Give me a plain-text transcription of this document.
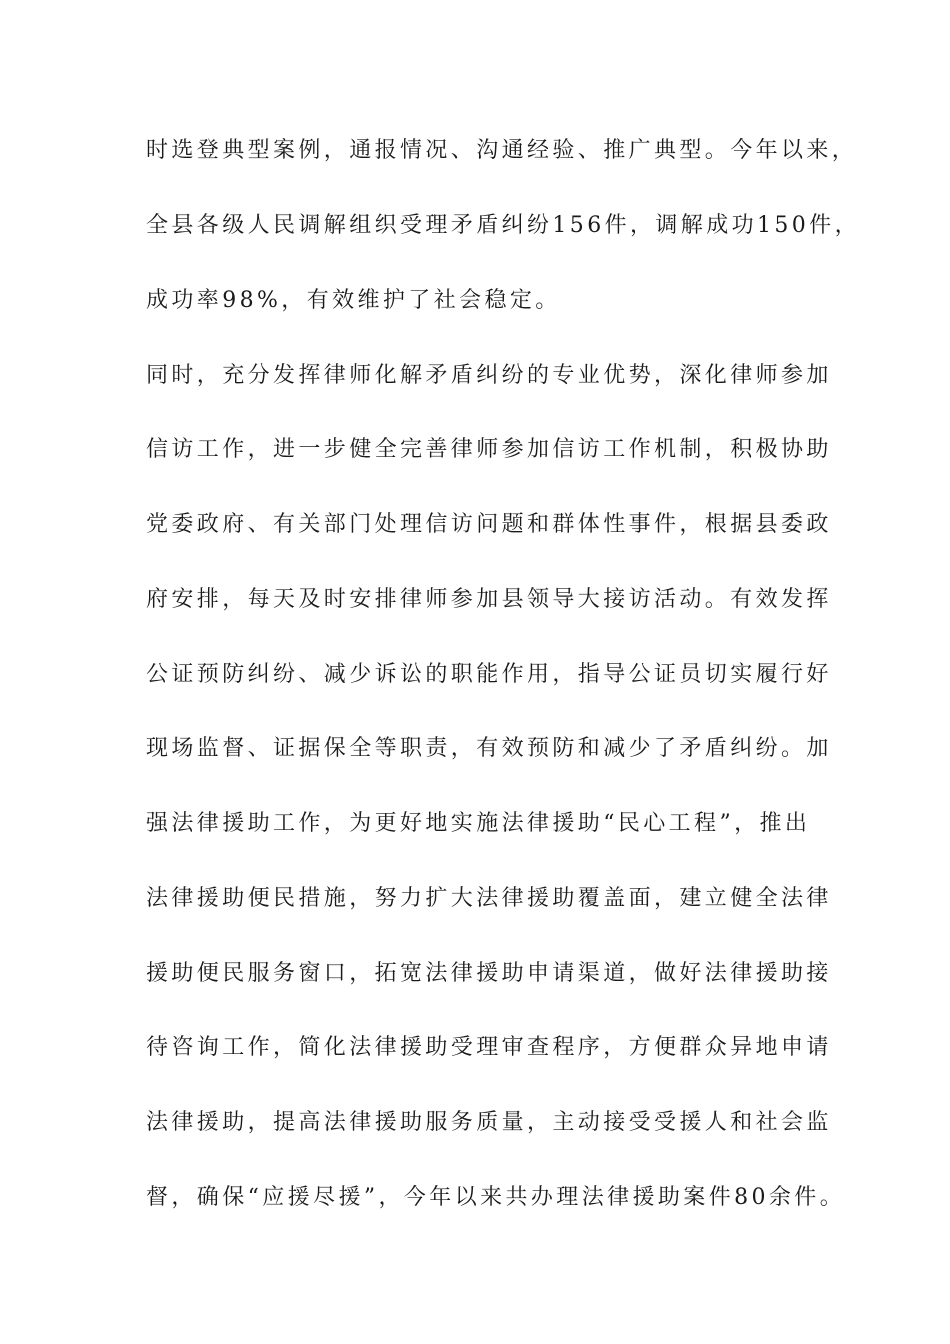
时选登典型案例，通报情况、沟通经验、推广典型。今年以来，
全县各级人民调解组织受理矛盾纠纷156件，调解成功150件，
成功率98%，有效维护了社会稳定。
同时，充分发挥律师化解矛盾纠纷的专业优势，深化律师参加
信访工作，进一步健全完善律师参加信访工作机制，积极协助
党委政府、有关部门处理信访问题和群体性事件，根据县委政
府安排，每天及时安排律师参加县领导大接访活动。有效发挥
公证预防纠纷、减少诉讼的职能作用，指导公证员切实履行好
现场监督、证据保全等职责，有效预防和减少了矛盾纠纷。加
强法律援助工作，为更好地实施法律援助“民心工程”，推出
法律援助便民措施，努力扩大法律援助覆盖面，建立健全法律
援助便民服务窗口，拓宽法律援助申请渠道，做好法律援助接
待咨询工作，简化法律援助受理审查程序，方便群众异地申请
法律援助，提高法律援助服务质量，主动接受受援人和社会监
督，确保“应援尽援”，今年以来共办理法律援助案件80余件。
